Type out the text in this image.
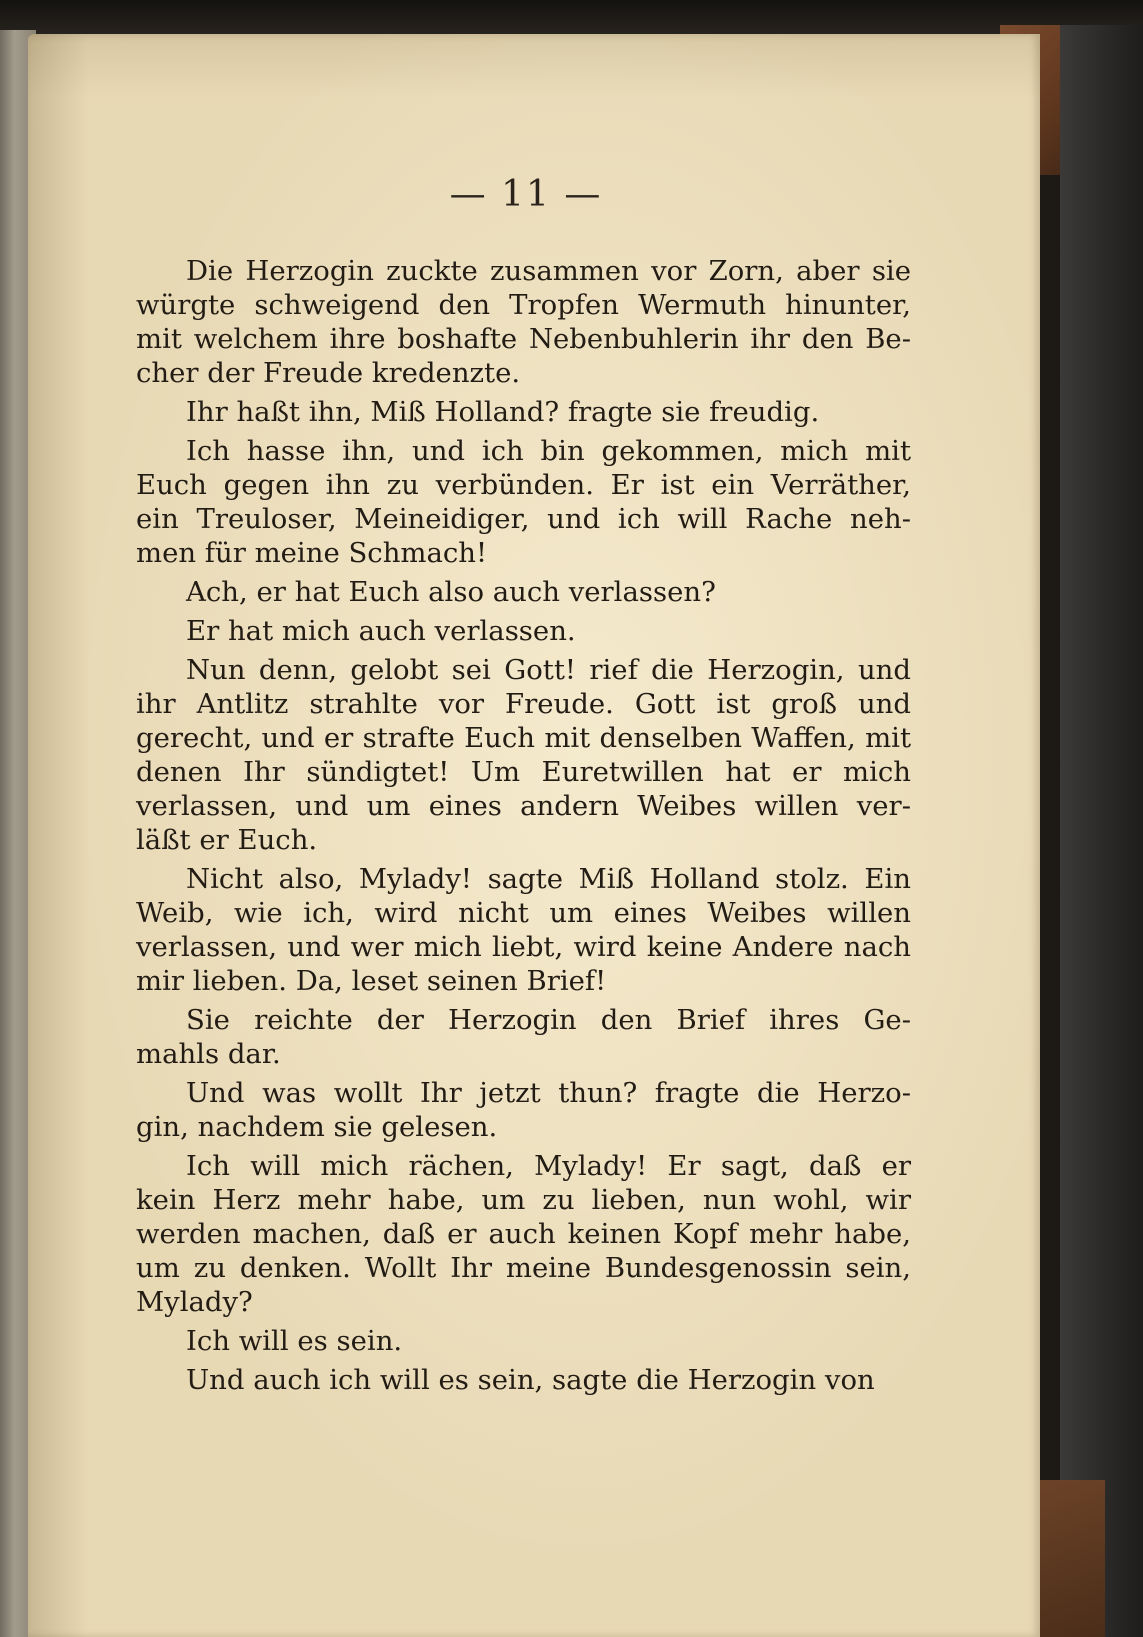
— 11 —

Die Herzogin zuckte zusammen vor Zorn, aber sie
würgte schweigend den Tropfen Wermuth hinunter,
mit welchem ihre boshafte Nebenbuhlerin ihr den Be-
cher der Freude kredenzte.

Ihr haßt ihn, Miß Holland? fragte sie freudig.

Ich hasse ihn, und ich bin gekommen, mich mit
Euch gegen ihn zu verbünden. Er ist ein Verräther,
ein Treuloser, Meineidiger, und ich will Rache neh-
men für meine Schmach!

Ach, er hat Euch also auch verlassen?

Er hat mich auch verlassen.

Nun denn, gelobt sei Gott! rief die Herzogin, und
ihr Antlitz strahlte vor Freude. Gott ist groß und
gerecht, und er strafte Euch mit denselben Waffen, mit
denen Ihr sündigtet! Um Euretwillen hat er mich
verlassen, und um eines andern Weibes willen ver-
läßt er Euch.

Nicht also, Mylady! sagte Miß Holland stolz. Ein
Weib, wie ich, wird nicht um eines Weibes willen
verlassen, und wer mich liebt, wird keine Andere nach
mir lieben. Da, leset seinen Brief!

Sie reichte der Herzogin den Brief ihres Ge-
mahls dar.

Und was wollt Ihr jetzt thun? fragte die Herzo-
gin, nachdem sie gelesen.

Ich will mich rächen, Mylady! Er sagt, daß er
kein Herz mehr habe, um zu lieben, nun wohl, wir
werden machen, daß er auch keinen Kopf mehr habe,
um zu denken. Wollt Ihr meine Bundesgenossin sein,
Mylady?

Ich will es sein.

Und auch ich will es sein, sagte die Herzogin von
